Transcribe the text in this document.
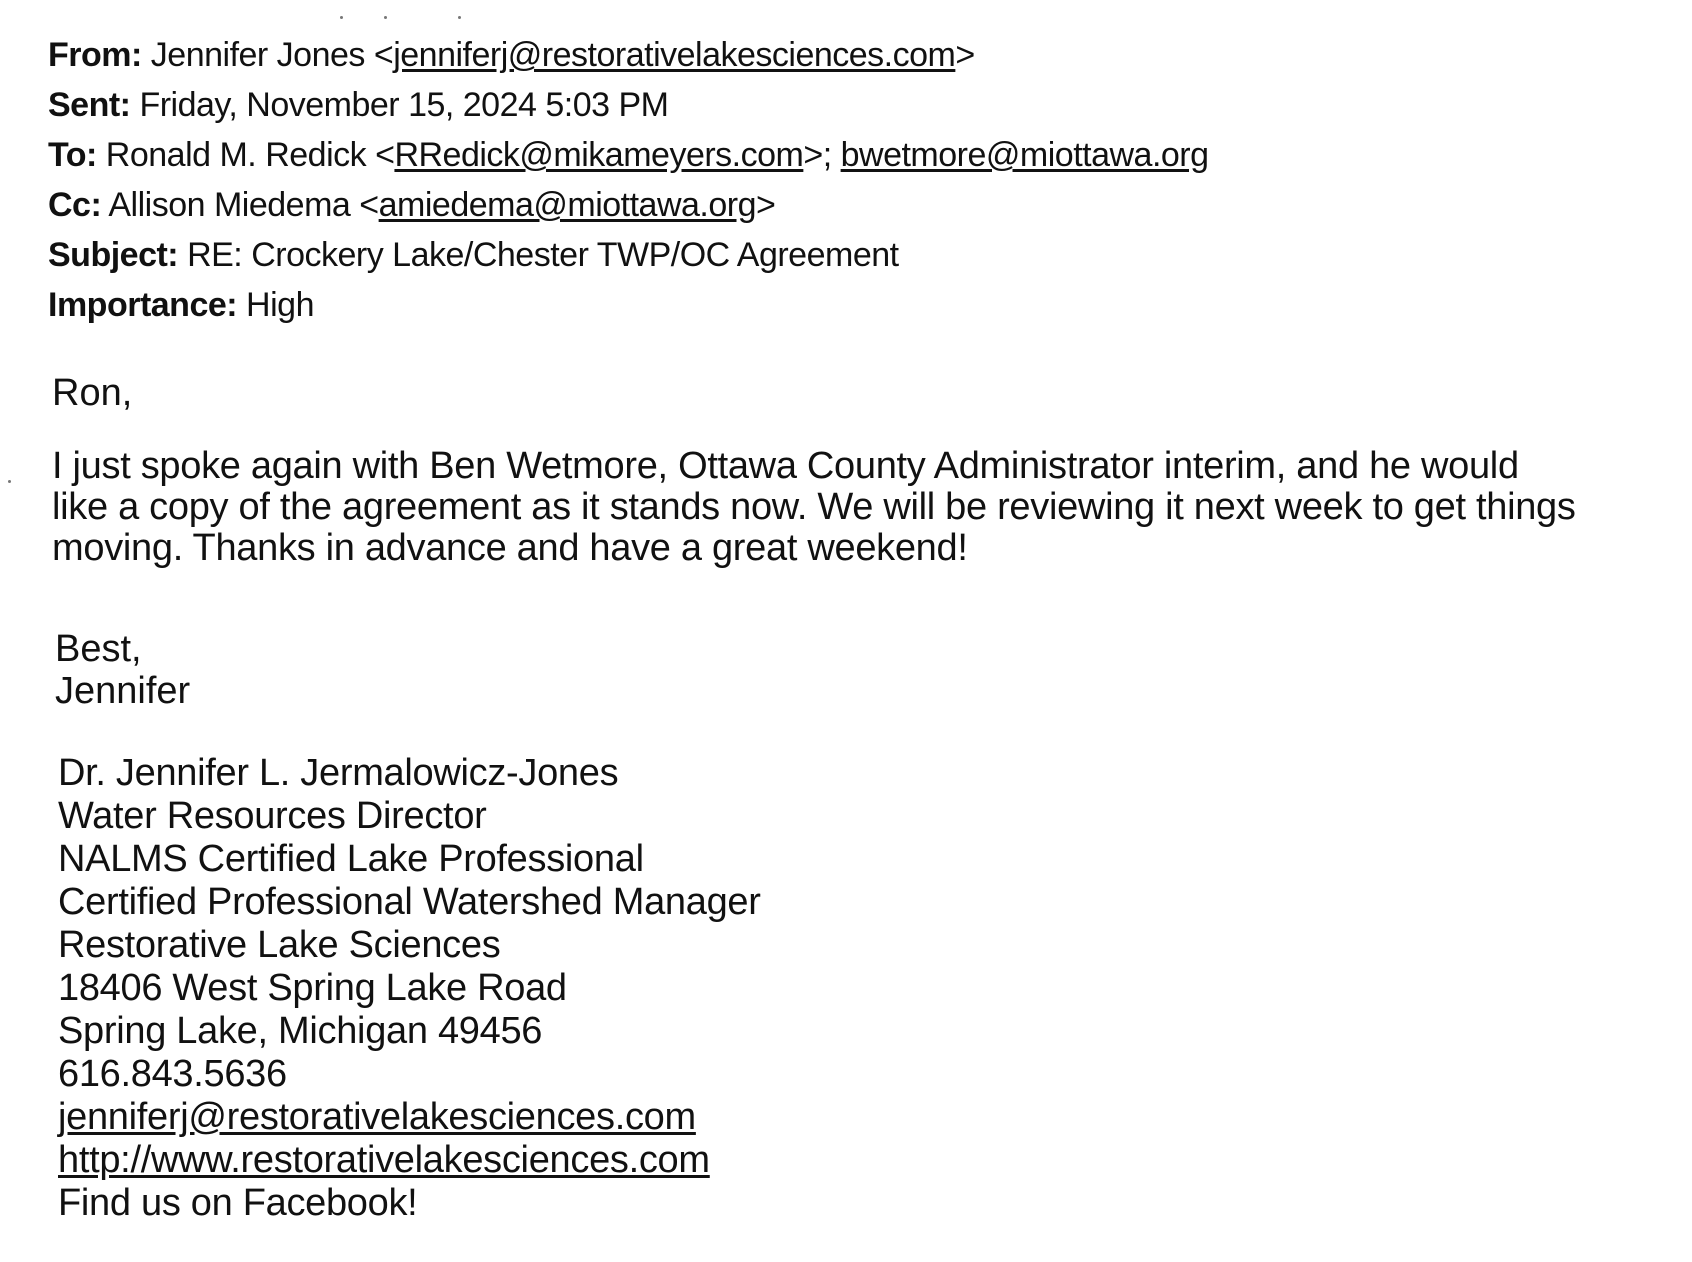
From: Jennifer Jones <jenniferj@restorativelakesciences.com>
Sent: Friday, November 15, 2024 5:03 PM
To: Ronald M. Redick <RRedick@mikameyers.com>; bwetmore@miottawa.org
Cc: Allison Miedema <amiedema@miottawa.org>
Subject: RE: Crockery Lake/Chester TWP/OC Agreement
Importance: High
Ron,
I just spoke again with Ben Wetmore, Ottawa County Administrator interim, and he would
like a copy of the agreement as it stands now. We will be reviewing it next week to get things
moving. Thanks in advance and have a great weekend!
Best,
Jennifer
Dr. Jennifer L. Jermalowicz-Jones
Water Resources Director
NALMS Certified Lake Professional
Certified Professional Watershed Manager
Restorative Lake Sciences
18406 West Spring Lake Road
Spring Lake, Michigan 49456
616.843.5636
jenniferj@restorativelakesciences.com
http://www.restorativelakesciences.com
Find us on Facebook!
